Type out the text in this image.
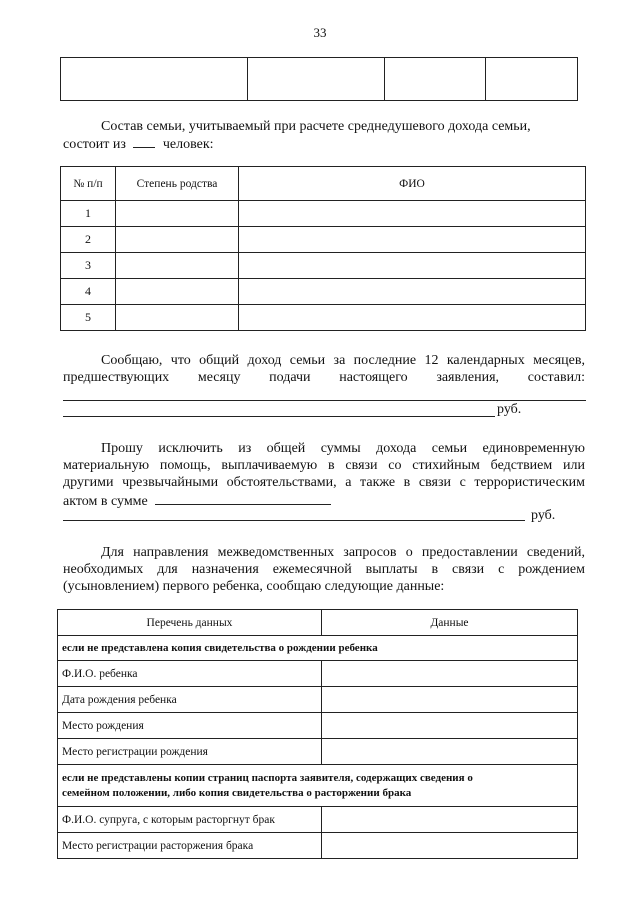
33

Состав семьи, учитываемый при расчете среднедушевого дохода семьи,
состоит из	человек:
№ п/п	Степень родства	ФИО
1		
2		
3		
4		
5		
Сообщаю, что общий доход семьи за последние 12 календарных месяцев,
предшествующих месяцу подачи настоящего заявления, составил:
руб.
Прошу исключить из общей суммы дохода семьи единовременную
материальную помощь, выплачиваемую в связи со стихийным бедствием или
другими чрезвычайными обстоятельствами, а также в связи с террористическим
актом в сумме
руб.
Для направления межведомственных запросов о предоставлении сведений,
необходимых для назначения ежемесячной выплаты в связи с рождением
(усыновлением) первого ребенка, сообщаю следующие данные:
Перечень данных	Данные
если не представлена копия свидетельства о рождении ребенка	
Ф.И.О. ребенка	
Дата рождения ребенка	
Место рождения	
Место регистрации рождения	

если не представлены копии страниц паспорта заявителя, содержащих сведения о
семейном положении, либо копия свидетельства о расторжении брака	

Ф.И.О. супруга, с которым расторгнут брак	
Место регистрации расторжения брака	
